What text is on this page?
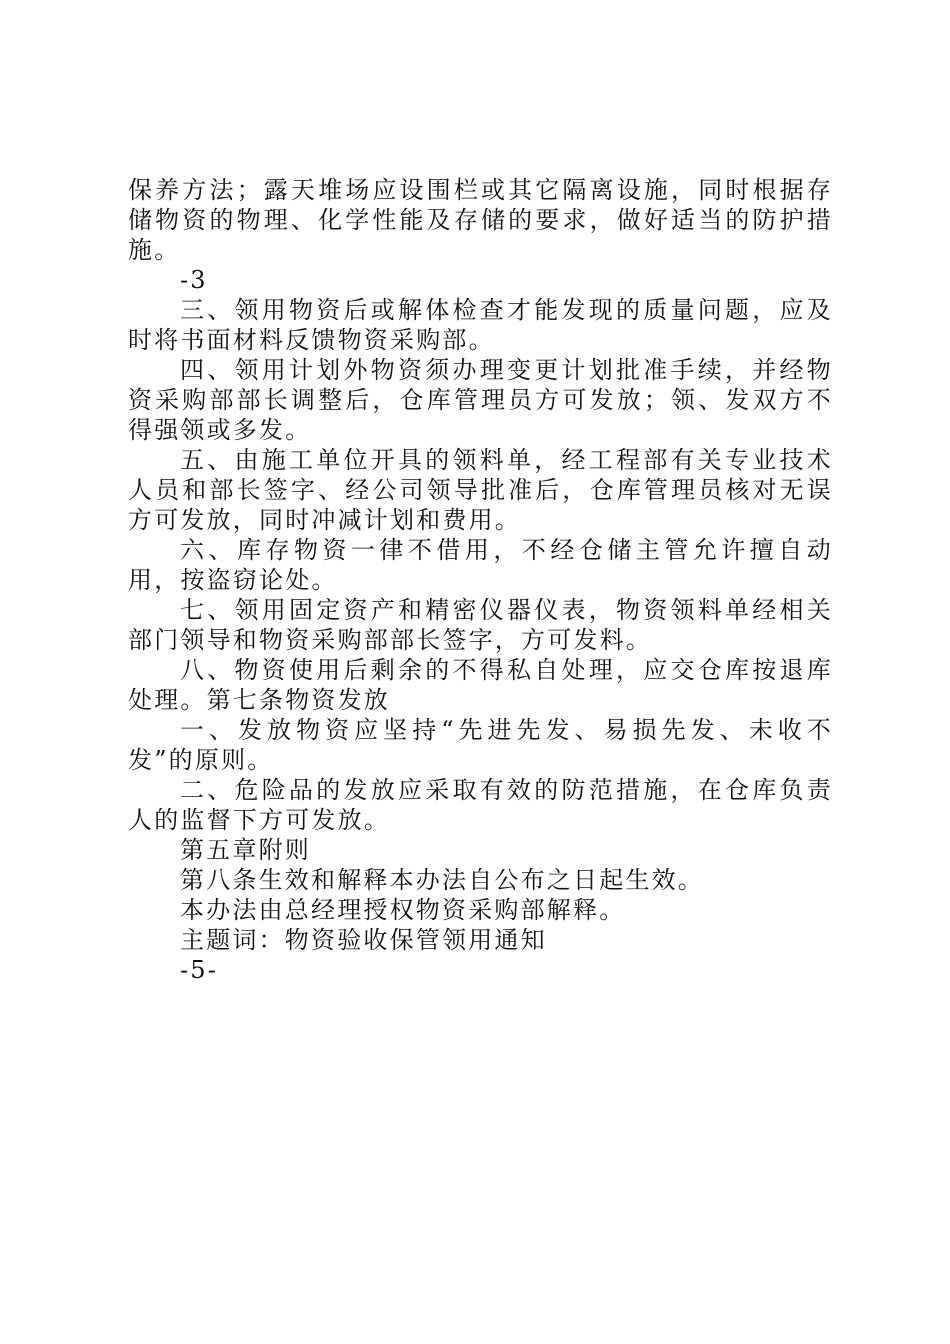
保养方法；露天堆场应设围栏或其它隔离设施，同时根据存储物资的物理、化学性能及存储的要求，做好适当的防护措施。

-3

三、领用物资后或解体检查才能发现的质量问题，应及时将书面材料反馈物资采购部。

四、领用计划外物资须办理变更计划批准手续，并经物资采购部部长调整后，仓库管理员方可发放；领、发双方不得强领或多发。

五、由施工单位开具的领料单，经工程部有关专业技术人员和部长签字、经公司领导批准后，仓库管理员核对无误方可发放，同时冲减计划和费用。

六、库存物资一律不借用，不经仓储主管允许擅自动用，按盗窃论处。

七、领用固定资产和精密仪器仪表，物资领料单经相关部门领导和物资采购部部长签字，方可发料。

八、物资使用后剩余的不得私自处理，应交仓库按退库处理。第七条物资发放

一、发放物资应坚持“先进先发、易损先发、未收不发”的原则。

二、危险品的发放应采取有效的防范措施，在仓库负责人的监督下方可发放。

第五章附则

第八条生效和解释本办法自公布之日起生效。

本办法由总经理授权物资采购部解释。

主题词：物资验收保管领用通知

-5-
